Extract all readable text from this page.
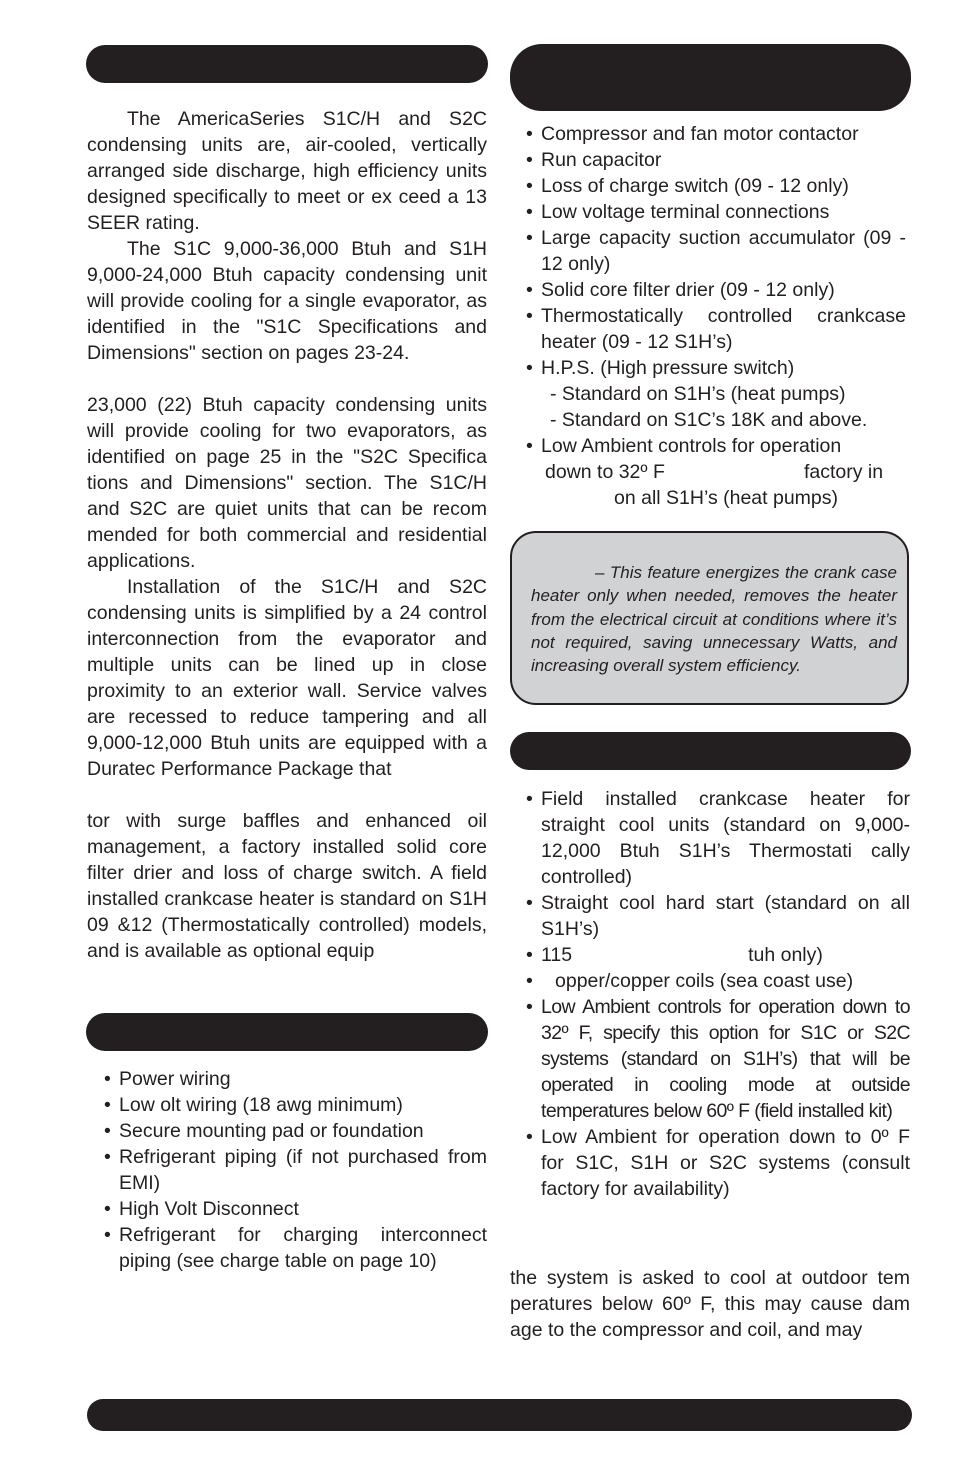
The AmericaSeries S1C/H and S2C condensing units are, air-cooled, vertically arranged side discharge, high efficiency units designed specifically to meet or ex ceed a 13 SEER rating.

The S1C 9,000-36,000 Btuh and S1H 9,000-24,000 Btuh capacity condensing unit will provide cooling for a single evaporator, as identified in the "S1C Specifications and Dimensions" section on pages 23-24.

23,000 (22) Btuh capacity condensing units will provide cooling for two evaporators, as identified on page 25 in the "S2C Specifica tions and Dimensions" section. The S1C/H and S2C are quiet units that can be recom mended for both commercial and residential applications.

Installation of the S1C/H and S2C condensing units is simplified by a 24 control interconnection from the evaporator and multiple units can be lined up in close proximity to an exterior wall. Service valves are recessed to reduce tampering and all 9,000-12,000 Btuh units are equipped with a Duratec Performance Package that

tor with surge baffles and enhanced oil management, a factory installed solid core filter drier and loss of charge switch. A field installed crankcase heater is standard on S1H 09 &12 (Thermostatically controlled) models, and is available as optional equip

• Power wiring
• Low olt wiring (18 awg minimum)
• Secure mounting pad or foundation
• Refrigerant piping (if not purchased from EMI)
• High Volt Disconnect
• Refrigerant for charging interconnect piping (see charge table on page 10)
• Compressor and fan motor contactor
• Run capacitor
• Loss of charge switch (09 - 12 only)
• Low voltage terminal connections
• Large capacity suction accumulator (09 - 12 only)
• Solid core filter drier (09 - 12 only)
• Thermostatically controlled crankcase heater (09 - 12 S1H’s)
• H.P.S. (High pressure switch)
- Standard on S1H’s (heat pumps)
- Standard on S1C’s 18K and above.
• Low Ambient controls for operation
down to 32º F	factory in
on all S1H’s (heat pumps)
– This feature energizes the crank case heater only when needed, removes the heater from the electrical circuit at conditions where it’s not required, saving unnecessary Watts, and increasing overall system efficiency.
• Field installed crankcase heater for straight cool units (standard on 9,000-12,000 Btuh S1H’s Thermostati cally controlled)
• Straight cool hard start (standard on all S1H’s)
• 115	tuh only)
• opper/copper coils (sea coast use)
• Low Ambient controls for operation down to 32º F, specify this option for S1C or S2C systems (standard on S1H’s) that will be operated in cooling mode at outside temperatures below 60º F (field installed kit)
• Low Ambient for operation down to 0º F for S1C, S1H or S2C systems (consult factory for availability)

the system is asked to cool at outdoor tem peratures below 60º F, this may cause dam age to the compressor and coil, and may
